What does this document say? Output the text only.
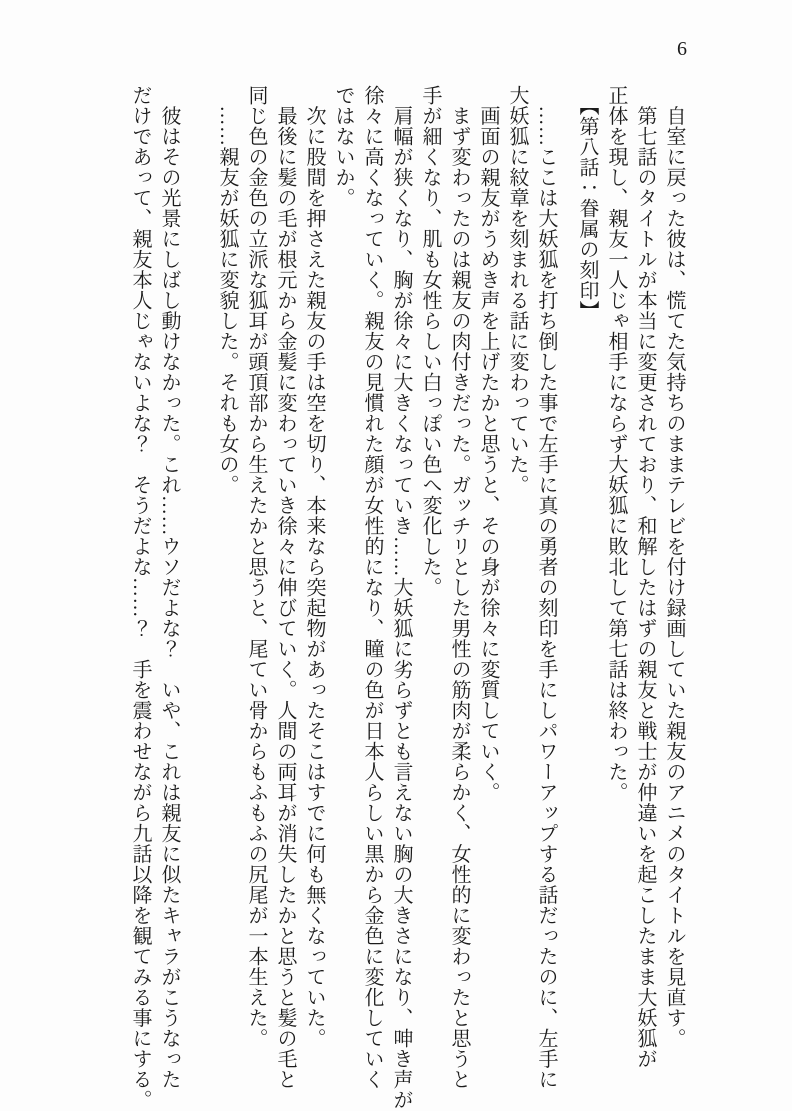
6

　自室に戻った彼は、慌てた気持ちのままテレビを付け録画していた親友のアニメのタイトルを見直す。

　第七話のタイトルが本当に変更されており、和解したはずの親友と戦士が仲違いを起こしたまま大妖狐が

正体を現し、親友一人じゃ相手にならず大妖狐に敗北して第七話は終わった。

　【第八話：眷属の刻印】

　……ここは大妖狐を打ち倒した事で左手に真の勇者の刻印を手にしパワーアップする話だったのに、左手に

大妖狐に紋章を刻まれる話に変わっていた。

　画面の親友がうめき声を上げたかと思うと、その身が徐々に変質していく。

　まず変わったのは親友の肉付きだった。ガッチリとした男性の筋肉が柔らかく、女性的に変わったと思うと

手が細くなり、肌も女性らしい白っぽい色へ変化した。

　肩幅が狭くなり、胸が徐々に大きくなっていき……大妖狐に劣らずとも言えない胸の大きさになり、呻き声が

徐々に高くなっていく。親友の見慣れた顔が女性的になり、瞳の色が日本人らしい黒から金色に変化していく

ではないか。

　次に股間を押さえた親友の手は空を切り、本来なら突起物があったそこはすでに何も無くなっていた。

　最後に髪の毛が根元から金髪に変わっていき徐々に伸びていく。人間の両耳が消失したかと思うと髪の毛と

同じ色の金色の立派な狐耳が頭頂部から生えたかと思うと、尾てい骨からもふもふの尻尾が一本生えた。

　……親友が妖狐に変貌した。それも女の。

　彼はその光景にしばし動けなかった。これ……ウソだよな？　いや、これは親友に似たキャラがこうなった

だけであって、親友本人じゃないよな？　そうだよな……？　手を震わせながら九話以降を観てみる事にする。
